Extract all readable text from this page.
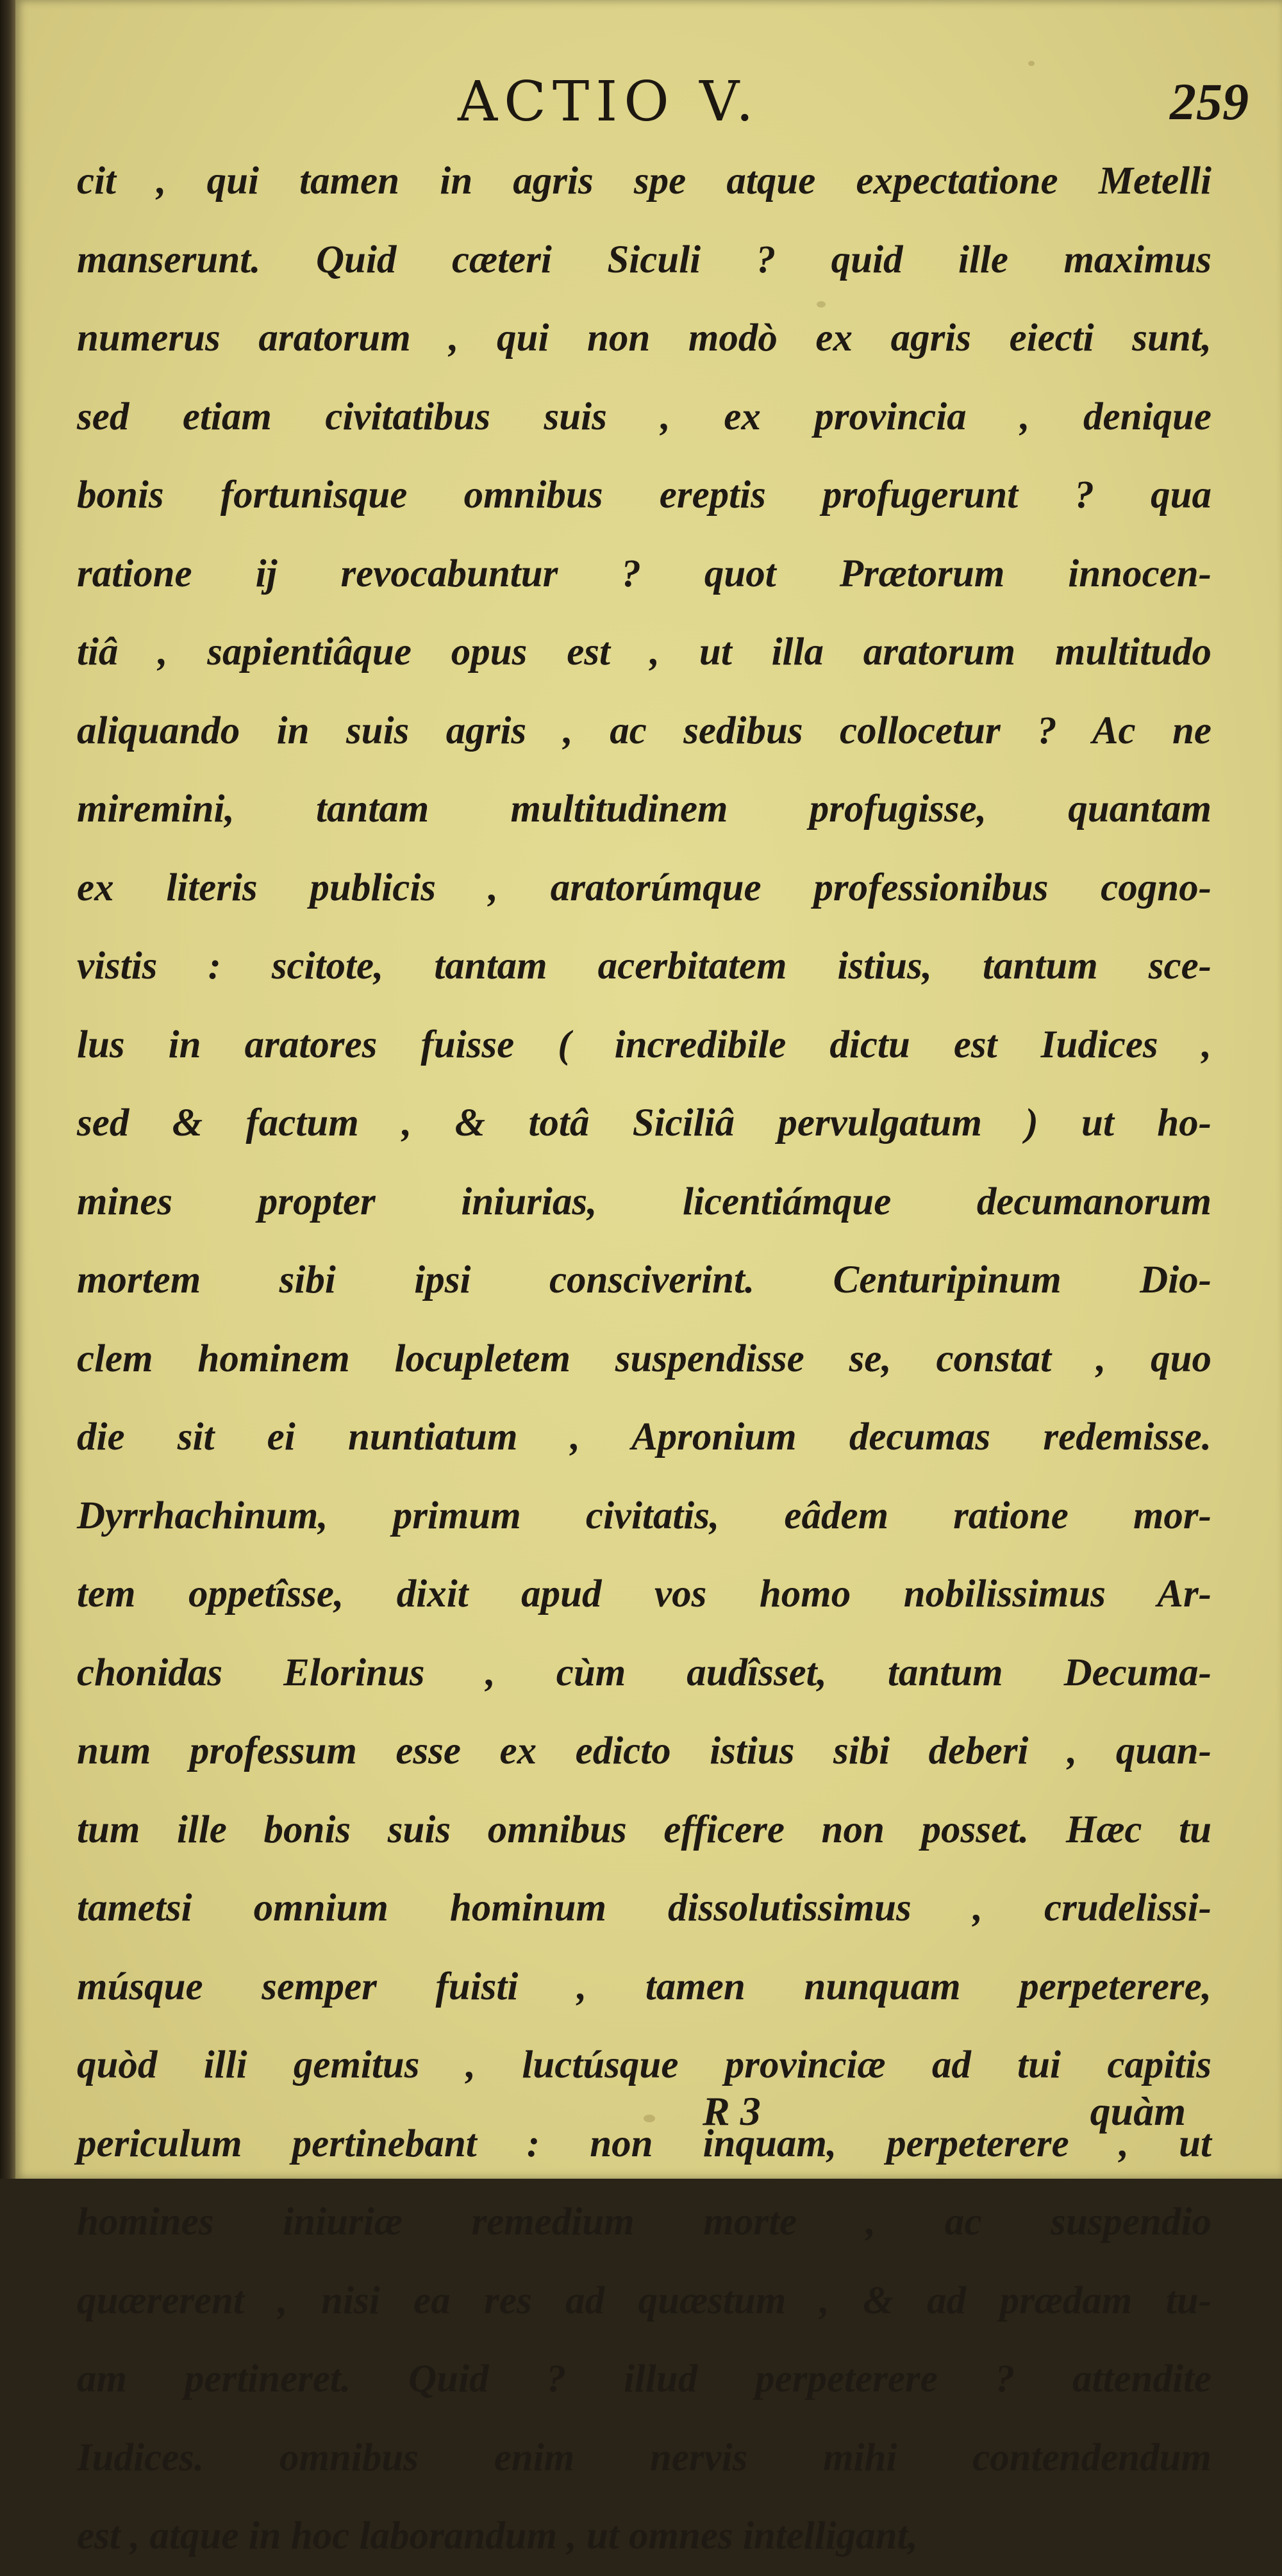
ACTIO V.	259
cit , qui tamen in agris spe atque expectatione Metelli
manserunt. Quid cæteri Siculi ? quid ille maximus
numerus aratorum , qui non modò ex agris eiecti sunt,
sed etiam civitatibus suis , ex provincia , denique
bonis fortunisque omnibus ereptis profugerunt ? qua
ratione ij revocabuntur ? quot Prætorum innocen-
tiâ , sapientiâque opus est , ut illa aratorum multitudo
aliquando in suis agris , ac sedibus collocetur ? Ac ne
miremini, tantam multitudinem profugisse, quantam
ex literis publicis , aratorúmque professionibus cogno-
vistis : scitote, tantam acerbitatem istius, tantum sce-
lus in aratores fuisse ( incredibile dictu est Iudices ,
sed & factum , & totâ Siciliâ pervulgatum ) ut ho-
mines propter iniurias, licentiámque decumanorum
mortem sibi ipsi consciverint. Centuripinum Dio-
clem hominem locupletem suspendisse se, constat , quo
die sit ei nuntiatum , Apronium decumas redemisse.
Dyrrhachinum, primum civitatis, eâdem ratione mor-
tem oppetîsse, dixit apud vos homo nobilissimus Ar-
chonidas Elorinus , cùm audîsset, tantum Decuma-
num professum esse ex edicto istius sibi deberi , quan-
tum ille bonis suis omnibus efficere non posset. Hæc tu
tametsi omnium hominum dissolutissimus , crudelissi-
músque semper fuisti , tamen nunquam perpeterere,
quòd illi gemitus , luctúsque provinciæ ad tui capitis
periculum pertinebant : non inquam, perpeterere , ut
homines iniuriæ remedium morte , ac suspendio
quærerent , nisi ea res ad quæstum , & ad prædam tu-
am pertineret. Quid ? illud perpeterere ? attendite
Iudices. omnibus enim nervis mihi contendendum
est , atque in hoc laborandum , ut omnes intelligant,
R 3	quàm
